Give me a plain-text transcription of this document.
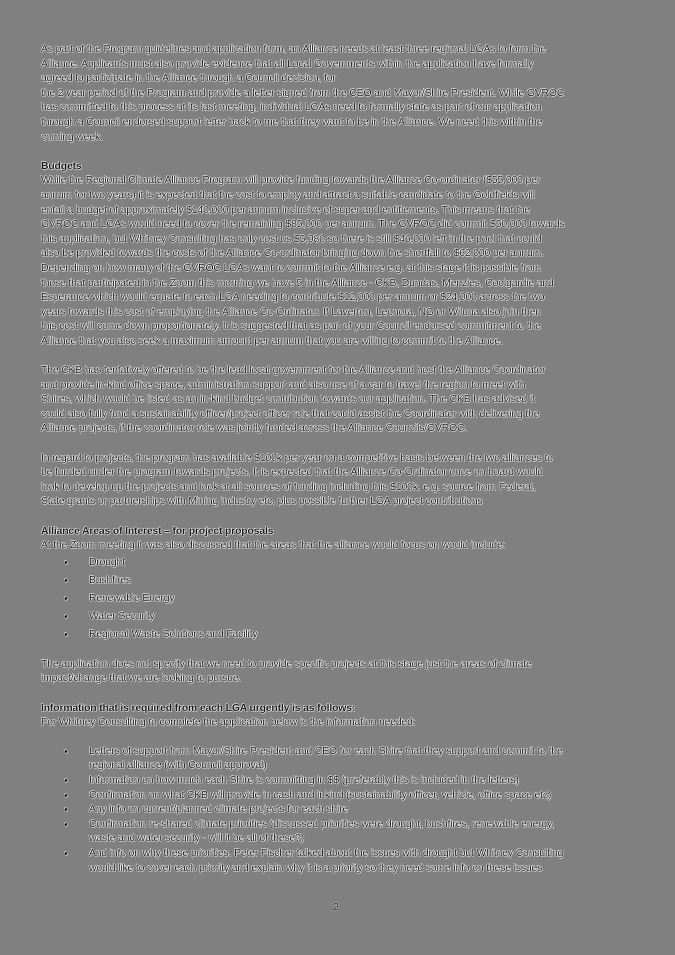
As part of the Program guidelines and application form, an Alliance needs at least three regional LGAs to form the
Alliance. Applicants must also provide evidence that all Local Governments within the application have formally
agreed to participate in the Alliance through a Council decision, for
the 2 year period of the Program and provide a letter signed from the CEO and Mayor/Shire President. While GVROC
has committed to this process at its last meeting, individual LGAs need to formally state as part of our application
through a Council endorsed support letter back to me that they want to be in the Alliance. We need this within the
coming week.

Budgets

While the Regional Climate Alliance Program will provide funding towards the Alliance Co-ordinator ($55,000 per
annum for two years) it is expected that the cost to employ and attract a suitable candidate to the Goldfields will
entail a budget of approximately $140,000 per annum inclusive of super and entitlements. This means that the
GVROC and LGAs would need to cover the remaining $85,000 per annum. The GVROC did commit $50,000 towards
this application, but Whitney Consulting has only cost us $5,980 so there is still $46,000 left in the pool that could
also be provided towards the costs of the Alliance Co-ordinator bringing down the shortfall to $62,000 per annum.
Depending on how many of the GVROC LGAs want to commit to the Alliance e.g. at this stage it is possible from
those that participated in the Zoom this morning we have 5 in the Alliance - CKB, Dundas, Menzies, Coolgardie and
Esperance which would equate to each LGA needing to contribute $12,000 per annum or $24,000 across the two
years towards this cost of employing the Alliance Co-Ordinator. If Laverton, Leonora, NG or Wiluna also join then
this cost will come down proportionately. It is suggested that as part of your Council endorsed commitment to the
Alliance that you also seek a maximum amount per annum that you are willing to commit to the Alliance.

The CKB has tentatively offered to be the lead local government for the Alliance and host the Alliance Coordinator
and provide in-kind office space, administration support and also use of a car to travel the region to meet with
Shires, which would be listed as an in-kind budget contribution towards our application. The CKB has advised it
could also fully fund a sustainability officer/project officer role that could assist the Coordinator with delivering the
Alliance projects, if the coordinator role was jointly funded across the Alliance Councils/GVROC.

In regard to projects, the program has available $100k per year on a competitive basis between the two alliances to
be funded under the program towards projects. It is expected that the Alliance Co-Ordinator once on board would
look to develop up the projects and look at all sources of funding including this $100k. e.g. source from Federal,
State grants or partnerships with Mining industry etc. plus possible further LGA project contributions

Alliance Areas of Interest – for project proposals

At the Zoom meeting it was also discussed that the areas that the alliance would focus on would include:

• Drought
• Bushfires
• Renewable Energy
• Water Security
• Regional Waste Solutions and Facility

The application does not specify that we need to provide specific projects at this stage just the areas of climate
impact/change that we are looking to pursue.

Information that is required from each LGA urgently is as follows:

For Whitney Consulting to complete the application below is the information needed:

• Letters of support from Mayor/Shire President and CEO for each Shire that they support and commit to the
regional alliance (with Council approval)
• Information on how much each Shire is committing in $$ (preferably this is included in the letters)
• Confirmation on what CKB will provide in cash and inkind (sustainability officer, vehicle, office space etc)
• Any info on current/planned climate projects for each shire
• Confirmation re-shared climate priorities (discussed priorities were drought, bushfires, renewable energy,
waste and water security - will it be all of these?)
• And info on why these priorities. Peter Fischer talked about the issues with drought but Whitney Consulting
would like to cover each priority and explain why it is a priority so they need some info on these issues
2
